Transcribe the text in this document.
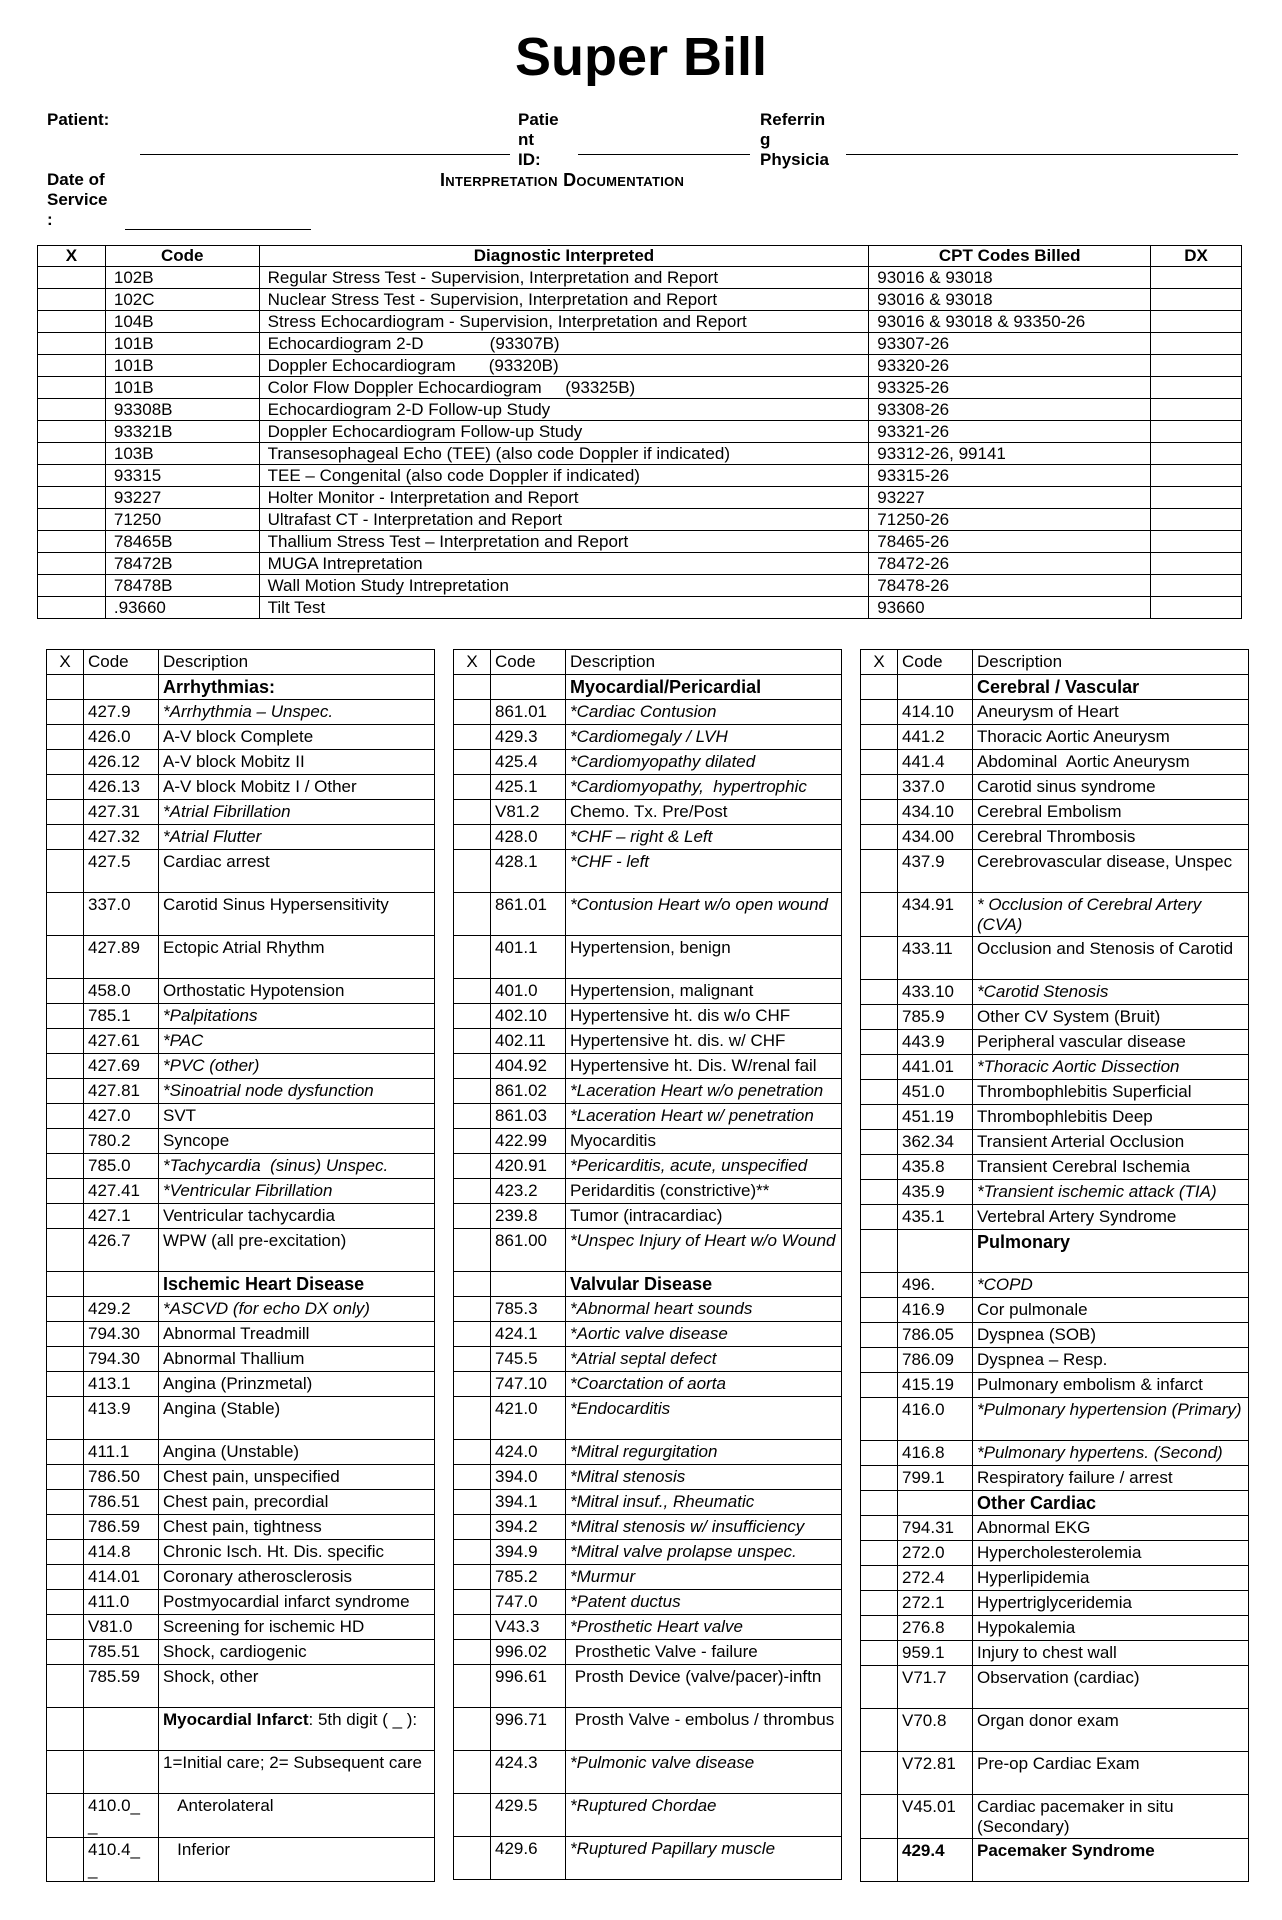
Super Bill
Patient:	Patie
nt
ID:
Referrin
g
Physicia
Date of
Service
:
Interpretation Documentation
X	Code	Diagnostic Interpreted	CPT Codes Billed	DX
	102B	Regular Stress Test - Supervision, Interpretation and Report	93016 & 93018	
	102C	Nuclear Stress Test - Supervision, Interpretation and Report	93016 & 93018	
	104B	Stress Echocardiogram - Supervision, Interpretation and Report	93016 & 93018 & 93350-26	
	101B	Echocardiogram 2-D              (93307B)	93307-26	
	101B	Doppler Echocardiogram       (93320B)	93320-26	
	101B	Color Flow Doppler Echocardiogram     (93325B)	93325-26	
	93308B	Echocardiogram 2-D Follow-up Study	93308-26	
	93321B	Doppler Echocardiogram Follow-up Study	93321-26	
	103B	Transesophageal Echo (TEE) (also code Doppler if indicated)	93312-26, 99141	
	93315	TEE – Congenital (also code Doppler if indicated)	93315-26	
	93227	Holter Monitor - Interpretation and Report	93227	
	71250	Ultrafast CT - Interpretation and Report	71250-26	
	78465B	Thallium Stress Test – Interpretation and Report	78465-26	
	78472B	MUGA Intrepretation	78472-26	
	78478B	Wall Motion Study Intrepretation	78478-26	
	.93660	Tilt Test	93660	
X	Code	Description
		Arrhythmias:
	427.9	*Arrhythmia – Unspec.
	426.0	A-V block Complete
	426.12	A-V block Mobitz II
	426.13	A-V block Mobitz I / Other
	427.31	*Atrial Fibrillation
	427.32	*Atrial Flutter
	427.5	Cardiac arrest
	337.0	Carotid Sinus Hypersensitivity
	427.89	Ectopic Atrial Rhythm
	458.0	Orthostatic Hypotension
	785.1	*Palpitations
	427.61	*PAC
	427.69	*PVC (other)
	427.81	*Sinoatrial node dysfunction
	427.0	SVT
	780.2	Syncope
	785.0	*Tachycardia  (sinus) Unspec.
	427.41	*Ventricular Fibrillation
	427.1	Ventricular tachycardia
	426.7	WPW (all pre-excitation)
		Ischemic Heart Disease
	429.2	*ASCVD (for echo DX only)
	794.30	Abnormal Treadmill
	794.30	Abnormal Thallium
	413.1	Angina (Prinzmetal)
	413.9	Angina (Stable)
	411.1	Angina (Unstable)
	786.50	Chest pain, unspecified
	786.51	Chest pain, precordial
	786.59	Chest pain, tightness
	414.8	Chronic Isch. Ht. Dis. specific
	414.01	Coronary atherosclerosis
	411.0	Postmyocardial infarct syndrome
	V81.0	Screening for ischemic HD
	785.51	Shock, cardiogenic
	785.59	Shock, other
		Myocardial Infarct: 5th digit ( _ ):
		1=Initial care; 2= Subsequent care
	410.0_ _	Anterolateral
	410.4_ _	Inferior
X	Code	Description
		Myocardial/Pericardial
	861.01	*Cardiac Contusion
	429.3	*Cardiomegaly / LVH
	425.4	*Cardiomyopathy dilated
	425.1	*Cardiomyopathy,  hypertrophic
	V81.2	Chemo. Tx. Pre/Post
	428.0	*CHF – right & Left
	428.1	*CHF - left
	861.01	*Contusion Heart w/o open wound
	401.1	Hypertension, benign
	401.0	Hypertension, malignant
	402.10	Hypertensive ht. dis w/o CHF
	402.11	Hypertensive ht. dis. w/ CHF
	404.92	Hypertensive ht. Dis. W/renal fail
	861.02	*Laceration Heart w/o penetration
	861.03	*Laceration Heart w/ penetration
	422.99	Myocarditis
	420.91	*Pericarditis, acute, unspecified
	423.2	Peridarditis (constrictive)**
	239.8	Tumor (intracardiac)
	861.00	*Unspec Injury of Heart w/o Wound
		Valvular Disease
	785.3	*Abnormal heart sounds
	424.1	*Aortic valve disease
	745.5	*Atrial septal defect
	747.10	*Coarctation of aorta
	421.0	*Endocarditis
	424.0	*Mitral regurgitation
	394.0	*Mitral stenosis
	394.1	*Mitral insuf., Rheumatic
	394.2	*Mitral stenosis w/ insufficiency
	394.9	*Mitral valve prolapse unspec.
	785.2	*Murmur
	747.0	*Patent ductus
	V43.3	*Prosthetic Heart valve
	996.02	Prosthetic Valve - failure
	996.61	Prosth Device (valve/pacer)-inftn
	996.71	Prosth Valve - embolus / thrombus
	424.3	*Pulmonic valve disease
	429.5	*Ruptured Chordae
	429.6	*Ruptured Papillary muscle
X	Code	Description
		Cerebral / Vascular
	414.10	Aneurysm of Heart
	441.2	Thoracic Aortic Aneurysm
	441.4	Abdominal  Aortic Aneurysm
	337.0	Carotid sinus syndrome
	434.10	Cerebral Embolism
	434.00	Cerebral Thrombosis
	437.9	Cerebrovascular disease, Unspec
	434.91	* Occlusion of Cerebral Artery (CVA)
	433.11	Occlusion and Stenosis of Carotid
	433.10	*Carotid Stenosis
	785.9	Other CV System (Bruit)
	443.9	Peripheral vascular disease
	441.01	*Thoracic Aortic Dissection
	451.0	Thrombophlebitis Superficial
	451.19	Thrombophlebitis Deep
	362.34	Transient Arterial Occlusion
	435.8	Transient Cerebral Ischemia
	435.9	*Transient ischemic attack (TIA)
	435.1	Vertebral Artery Syndrome
		Pulmonary
	496.	*COPD
	416.9	Cor pulmonale
	786.05	Dyspnea (SOB)
	786.09	Dyspnea – Resp.
	415.19	Pulmonary embolism & infarct
	416.0	*Pulmonary hypertension (Primary)
	416.8	*Pulmonary hypertens. (Second)
	799.1	Respiratory failure / arrest
		Other Cardiac
	794.31	Abnormal EKG
	272.0	Hypercholesterolemia
	272.4	Hyperlipidemia
	272.1	Hypertriglyceridemia
	276.8	Hypokalemia
	959.1	Injury to chest wall
	V71.7	Observation (cardiac)
	V70.8	Organ donor exam
	V72.81	Pre-op Cardiac Exam
	V45.01	Cardiac pacemaker in situ (Secondary)
	429.4	Pacemaker Syndrome
